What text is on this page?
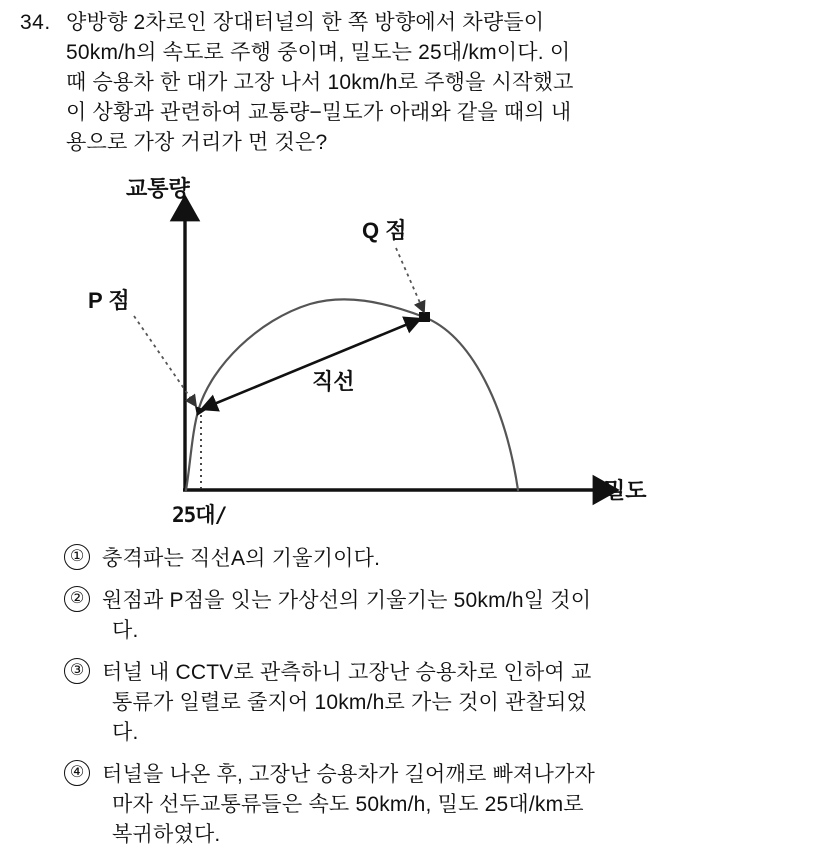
34. 양방향 2차로인 장대터널의 한 쪽 방향에서 차량들이
50km/h의 속도로 주행 중이며, 밀도는 25대/km이다. 이
때 승용차 한 대가 고장 나서 10km/h로 주행을 시작했고
이 상황과 관련하여 교통량−밀도가 아래와 같을 때의 내
용으로 가장 거리가 먼 것은?
교통량
밀도
P 점
Q 점
직선
25대/
① 충격파는 직선A의 기울기이다.
② 원점과 P점을 잇는 가상선의 기울기는 50km/h일 것이
다.
③ 터널 내 CCTV로 관측하니 고장난 승용차로 인하여 교
통류가 일렬로 줄지어 10km/h로 가는 것이 관찰되었
다.
④ 터널을 나온 후, 고장난 승용차가 길어깨로 빠져나가자
마자 선두교통류들은 속도 50km/h, 밀도 25대/km로
복귀하였다.
